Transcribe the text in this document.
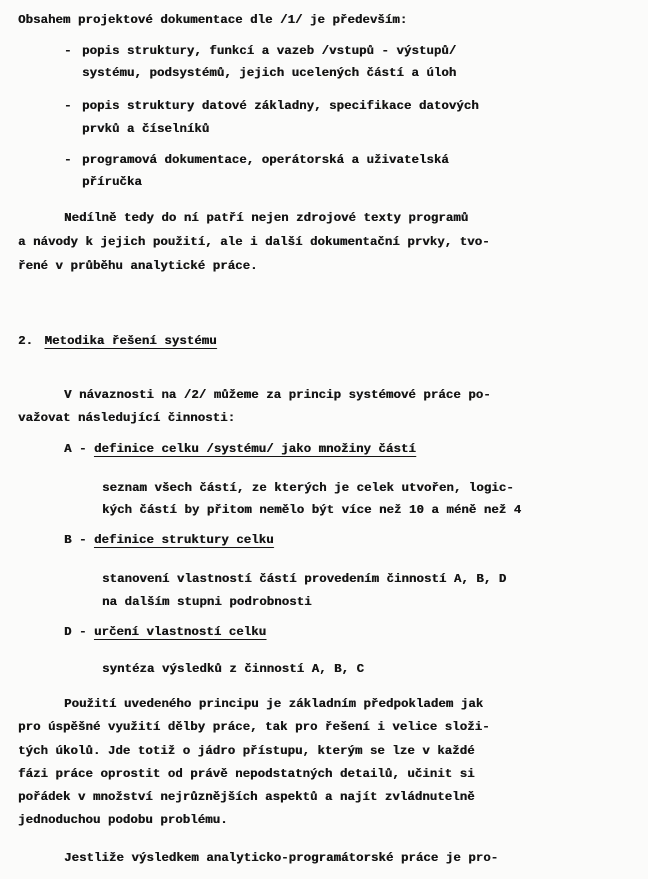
Obsahem projektové dokumentace dle /1/ je především:
- popis struktury, funkcí a vazeb /vstupů - výstupů/
systému, podsystémů, jejich ucelených částí a úloh
- popis struktury datové základny, specifikace datových
prvků a číselníků
- programová dokumentace, operátorská a uživatelská
příručka
Nedílně tedy do ní patří nejen zdrojové texty programů
a návody k jejich použití, ale i další dokumentační prvky, tvo-
řené v průběhu analytické práce.
2. Metodika řešení systému
V návaznosti na /2/ můžeme za princip systémové práce po-
važovat následující činnosti:
A - definice celku /systému/ jako množiny částí
seznam všech částí, ze kterých je celek utvořen, logic-
kých částí by přitom nemělo být více než 10 a méně než 4
B - definice struktury celku
stanovení vlastností částí provedením činností A, B, D
na dalším stupni podrobnosti
D - určení vlastností celku
syntéza výsledků z činností A, B, C
Použití uvedeného principu je základním předpokladem jak
pro úspěšné využití dělby práce, tak pro řešení i velice složi-
tých úkolů. Jde totiž o jádro přístupu, kterým se lze v každé
fázi práce oprostit od právě nepodstatných detailů, učinit si
pořádek v množství nejrůznějších aspektů a najít zvládnutelně
jednoduchou podobu problému.
Jestliže výsledkem analyticko-programátorské práce je pro-
